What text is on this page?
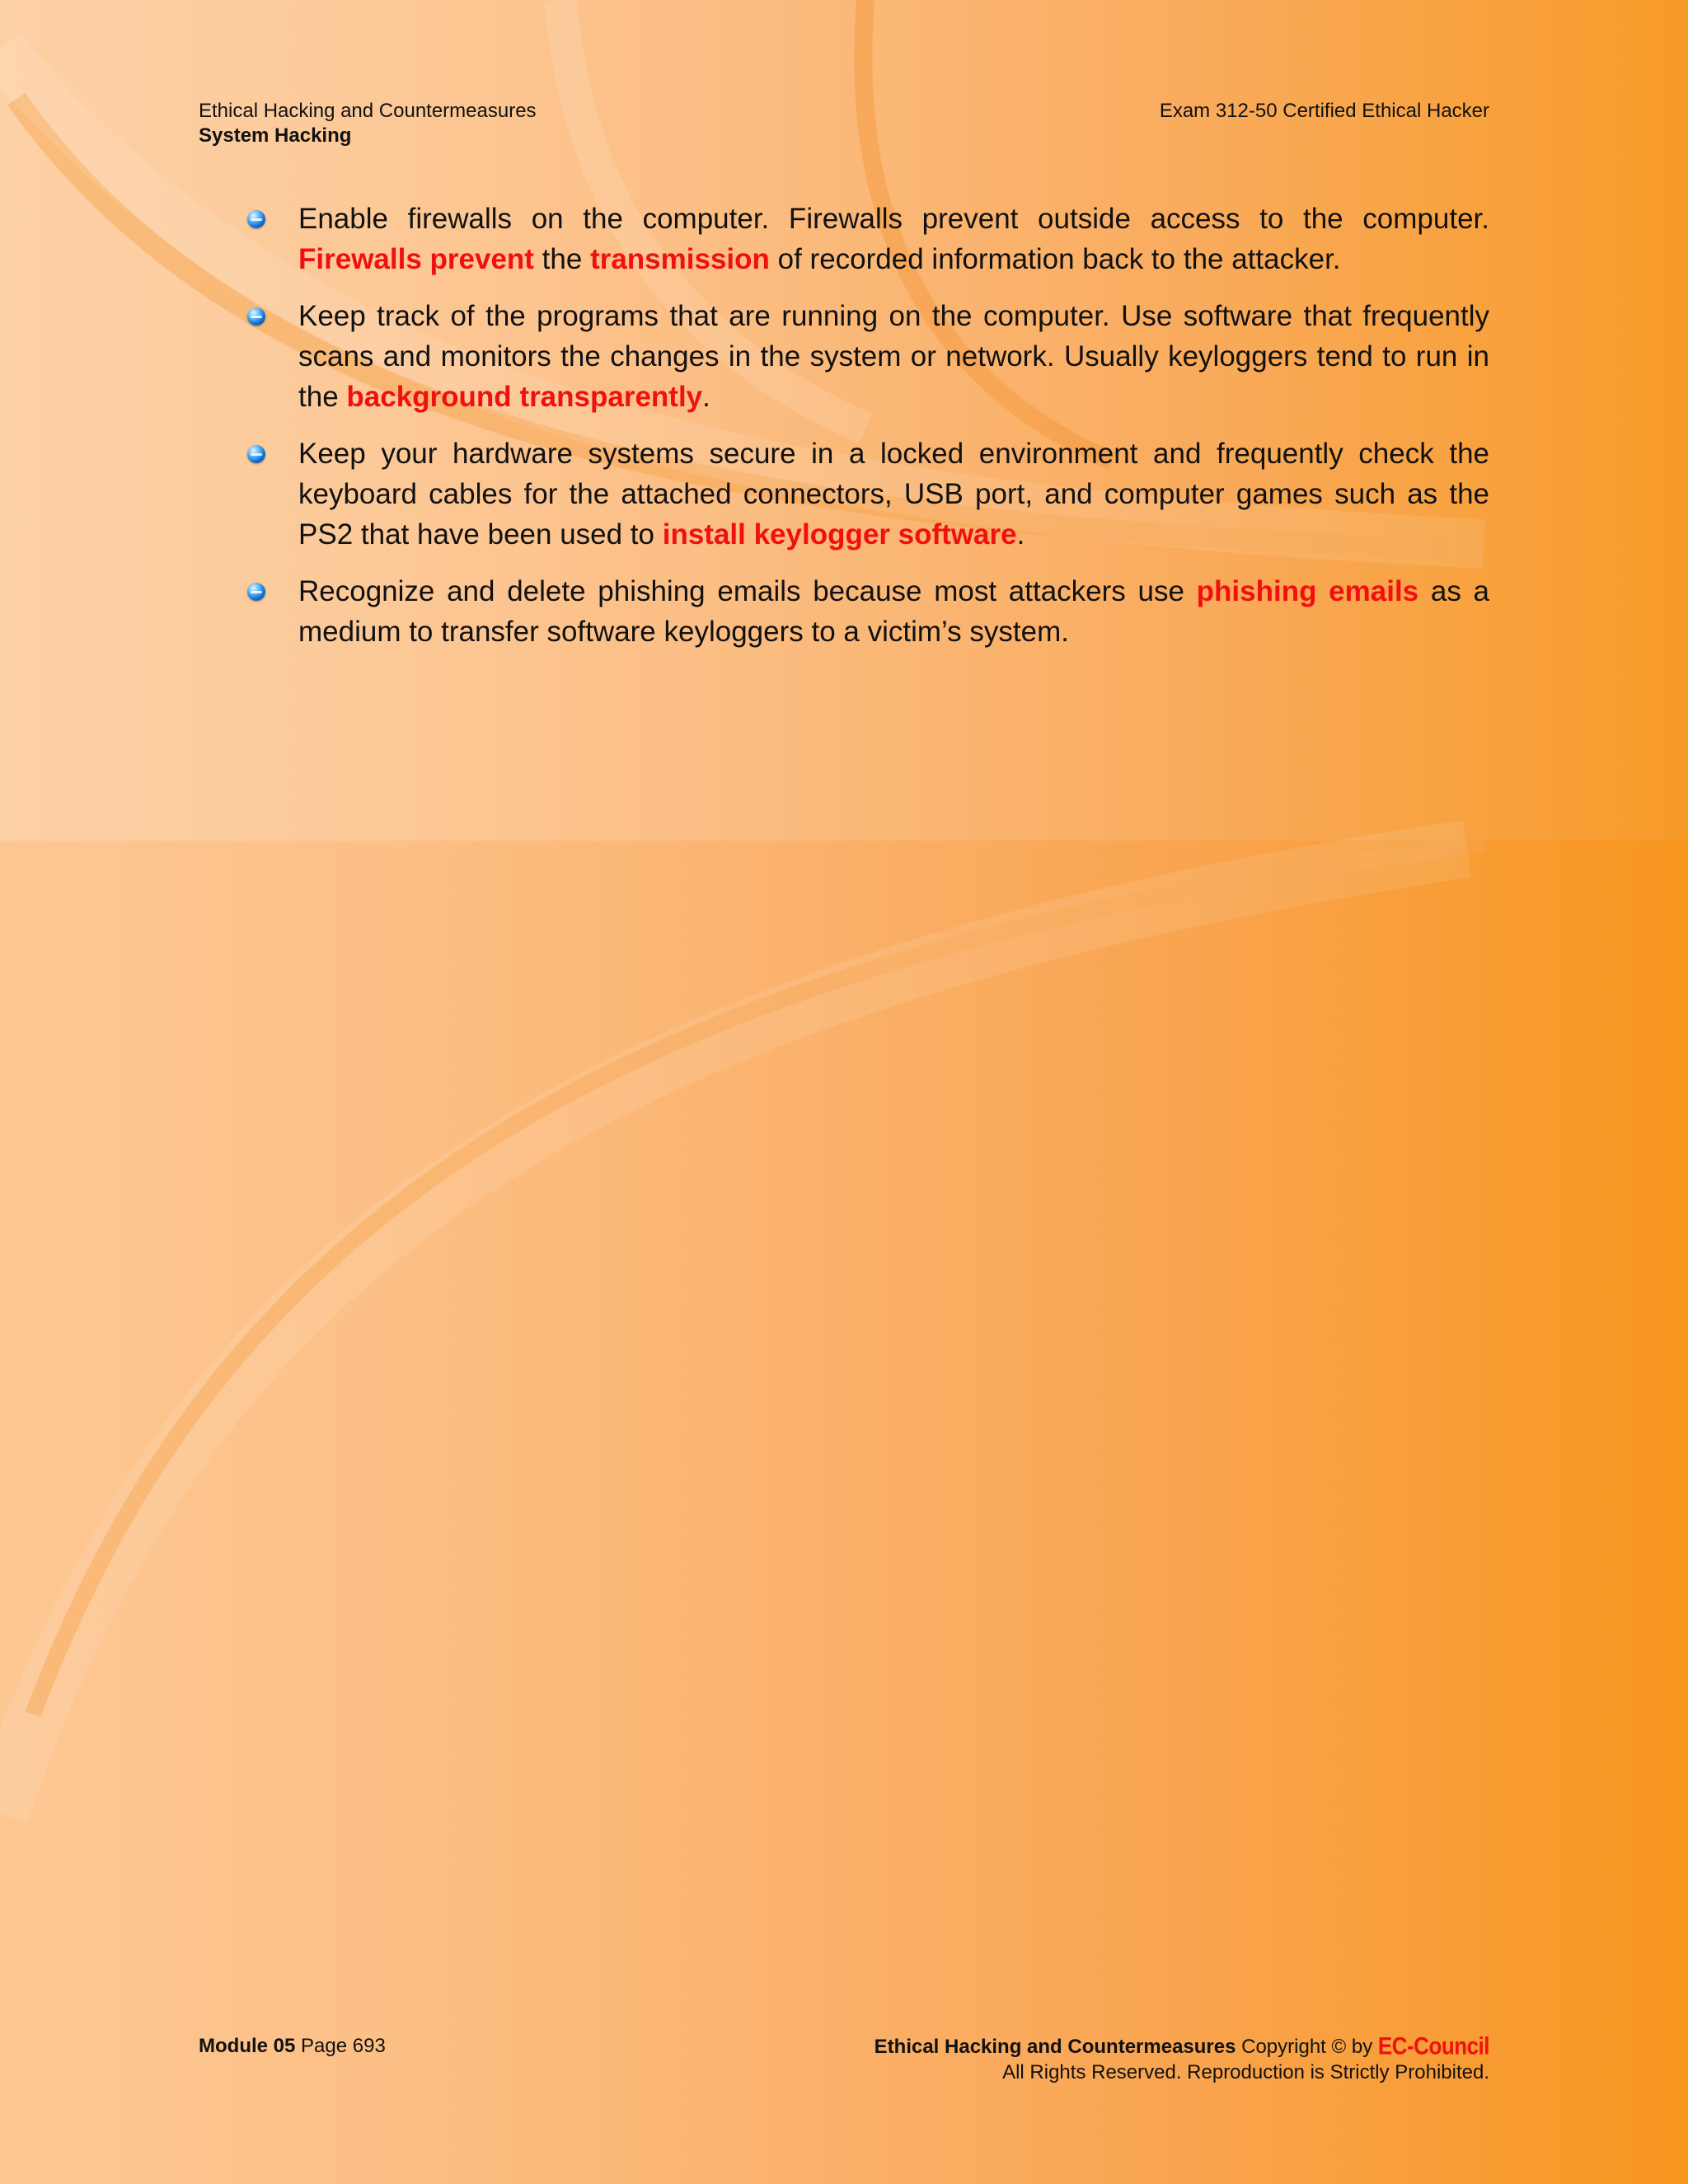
Ethical Hacking and Countermeasures
System Hacking
Exam 312-50 Certified Ethical Hacker
Enable firewalls on the computer. Firewalls prevent outside access to the computer. Firewalls prevent the transmission of recorded information back to the attacker.
Keep track of the programs that are running on the computer. Use software that frequently scans and monitors the changes in the system or network. Usually keyloggers tend to run in the background transparently.
Keep your hardware systems secure in a locked environment and frequently check the keyboard cables for the attached connectors, USB port, and computer games such as the PS2 that have been used to install keylogger software.
Recognize and delete phishing emails because most attackers use phishing emails as a medium to transfer software keyloggers to a victim’s system.
Module 05 Page 693	Ethical Hacking and Countermeasures Copyright © by EC-Council
All Rights Reserved. Reproduction is Strictly Prohibited.
